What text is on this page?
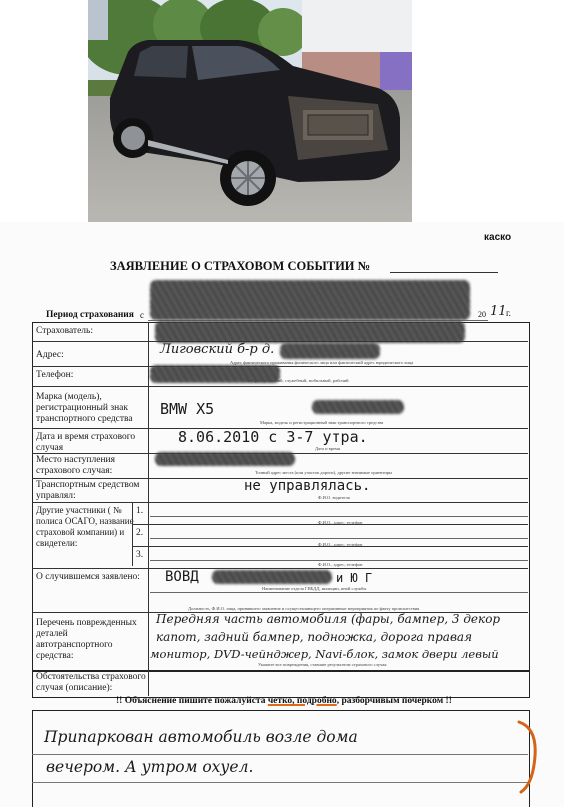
каско
ЗАЯВЛЕНИЕ О СТРАХОВОМ СОБЫТИИ №
Период страхования с	20 11 г.
Страхователь:
Адрес:	Лиговский б-р д.
Адрес фактического проживания физического лица или фактический адрес юридического лица
Телефон:
Телефон домашний, служебный, мобильный, рабочий
Марка (модель), регистрационный знак транспортного средства
BMW X5
Марка, модель и регистрационный знак транспортного средства
Дата и время страхового случая
8.06.2010 с 3-7 утра.
Дата и время
Место наступления страхового случая:	Точный адрес места (или участок дороги), другие значимые ориентиры
Транспортным средством управлял:
не управлялась.
Ф.И.О. водителя
Другие участники ( № полиса ОСАГО, название страховой компании) и свидетели:
1.
2.
3.
Ф.И.О., адрес, телефон
Ф.И.О., адрес, телефон
Ф.И.О., адрес, телефон
О случившемся заявлено: ВОВД	и Ю Г
Наименование отдела ГИБДД, милиции, иной службы
Должность, Ф.И.О. лица, принявшего заявление и осуществляющего оперативные мероприятия по факту происшествия
Перечень поврежденных деталей автотранспортного средства:
Передняя часть автомобиля (фары, бампер, 3 декор
капот, задний бампер, подножка, дорога правая
монитор, DVD-чейнджер, Navi-блок, замок двери левый
Укажите все повреждения, ставшие результатом страхового случая
Обстоятельства страхового случая (описание):
!! Объяснение пишите пожалуйста четко, подробно, разборчивым почерком !!
Припаркован автомобиль возле дома
вечером. А утром охуел.
